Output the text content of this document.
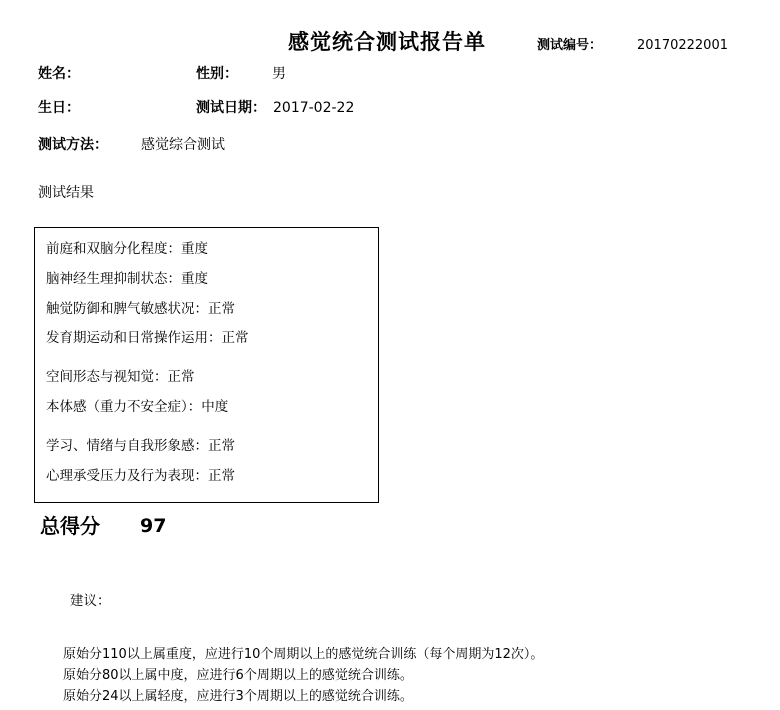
感觉统合测试报告单	测试编号：	20170222001
姓名：	性别： 男
生日：	测试日期： 2017-02-22
测试方法： 感觉综合测试
测试结果
前庭和双脑分化程度：重度
脑神经生理抑制状态：重度
触觉防御和脾气敏感状况：正常
发育期运动和日常操作运用：正常
空间形态与视知觉：正常
本体感（重力不安全症）：中度
学习、情绪与自我形象感：正常
心理承受压力及行为表现：正常
总得分 97
建议：
原始分110以上属重度，应进行10个周期以上的感觉统合训练（每个周期为12次）。
原始分80以上属中度，应进行6个周期以上的感觉统合训练。
原始分24以上属轻度，应进行3个周期以上的感觉统合训练。
